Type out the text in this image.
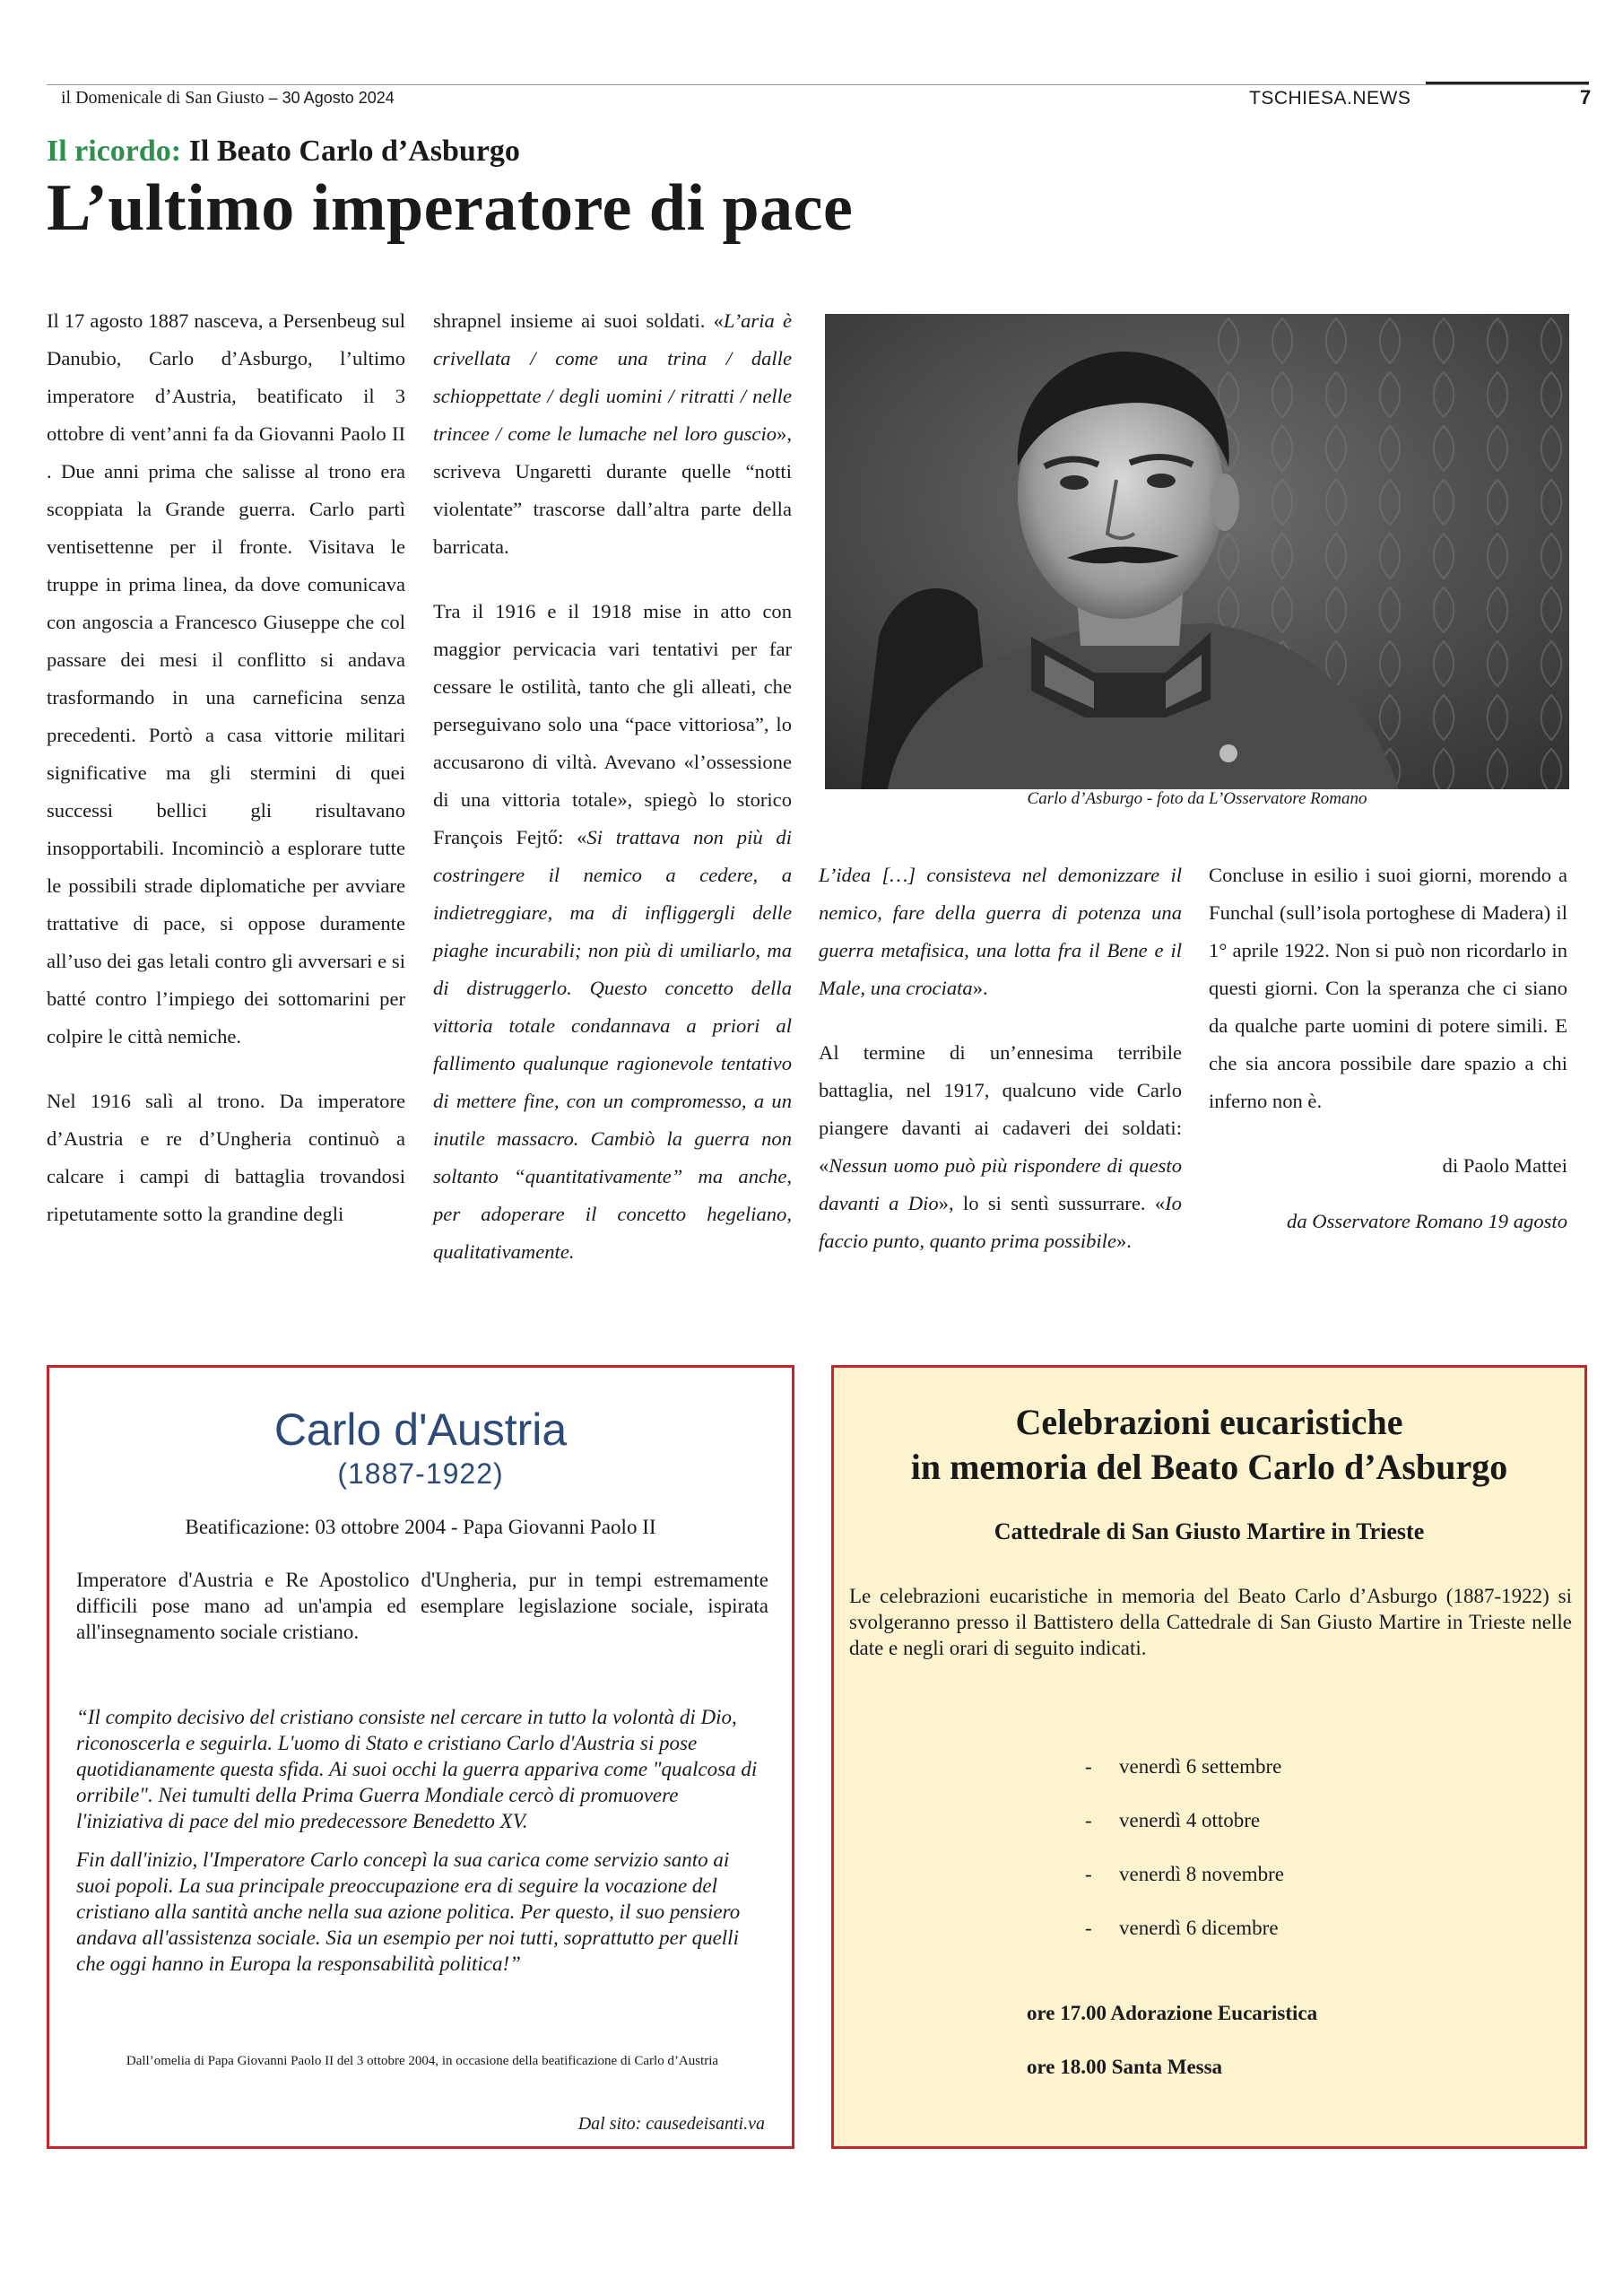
il Domenicale di San Giusto – 30 Agosto 2024	TSCHIESA.NEWS	7
Il ricordo: Il Beato Carlo d’Asburgo
L’ultimo imperatore di pace

Il 17 agosto 1887 nasceva, a Persenbeug sul Danubio, Carlo d’Asburgo, l’ultimo imperatore d’Austria, beatificato il 3 ottobre di vent’anni fa da Giovanni Paolo II . Due anni prima che salisse al trono era scoppiata la Grande guerra. Carlo partì ventisettenne per il fronte. Visitava le truppe in prima linea, da dove comunicava con angoscia a Francesco Giuseppe che col passare dei mesi il conflitto si andava trasformando in una carneficina senza precedenti. Portò a casa vittorie militari significative ma gli stermini di quei successi bellici gli risultavano insopportabili. Incominciò a esplorare tutte le possibili strade diplomatiche per avviare trattative di pace, si oppose duramente all’uso dei gas letali contro gli avversari e si batté contro l’impiego dei sottomarini per colpire le città nemiche.

Nel 1916 salì al trono. Da imperatore d’Austria e re d’Ungheria continuò a calcare i campi di battaglia trovandosi ripetutamente sotto la grandine degli

shrapnel insieme ai suoi soldati. «L’aria è crivellata / come una trina / dalle schioppettate / degli uomini / ritratti / nelle trincee / come le lumache nel loro guscio», scriveva Ungaretti durante quelle “notti violentate” trascorse dall’altra parte della barricata.

Tra il 1916 e il 1918 mise in atto con maggior pervicacia vari tentativi per far cessare le ostilità, tanto che gli alleati, che perseguivano solo una “pace vittoriosa”, lo accusarono di viltà. Avevano «l’ossessione di una vittoria totale», spiegò lo storico François Fejtő: «Si trattava non più di costringere il nemico a cedere, a indietreggiare, ma di infliggergli delle piaghe incurabili; non più di umiliarlo, ma di distruggerlo. Questo concetto della vittoria totale condannava a priori al fallimento qualunque ragionevole tentativo di mettere fine, con un compromesso, a un inutile massacro. Cambiò la guerra non soltanto “quantitativamente” ma anche, per adoperare il concetto hegeliano, qualitativamente.

Carlo d’Asburgo - foto da L’Osservatore Romano

L’idea […] consisteva nel demonizzare il nemico, fare della guerra di potenza una guerra metafisica, una lotta fra il Bene e il Male, una crociata».

Al termine di un’ennesima terribile battaglia, nel 1917, qualcuno vide Carlo piangere davanti ai cadaveri dei soldati: «Nessun uomo può più rispondere di questo davanti a Dio», lo si sentì sussurrare. «Io faccio punto, quanto prima possibile».

Concluse in esilio i suoi giorni, morendo a Funchal (sull’isola portoghese di Madera) il 1° aprile 1922. Non si può non ricordarlo in questi giorni. Con la speranza che ci siano da qualche parte uomini di potere simili. E che sia ancora possibile dare spazio a chi inferno non è.

di Paolo Mattei

da Osservatore Romano 19 agosto

Carlo d'Austria
(1887-1922)
Beatificazione: 03 ottobre 2004 - Papa Giovanni Paolo II
Imperatore d'Austria e Re Apostolico d'Ungheria, pur in tempi estremamente difficili pose mano ad un'ampia ed esemplare legislazione sociale, ispirata all'insegnamento sociale cristiano.

“Il compito decisivo del cristiano consiste nel cercare in tutto la volontà di Dio, riconoscerla e seguirla. L'uomo di Stato e cristiano Carlo d'Austria si pose quotidianamente questa sfida. Ai suoi occhi la guerra appariva come "qualcosa di orribile". Nei tumulti della Prima Guerra Mondiale cercò di promuovere l'iniziativa di pace del mio predecessore Benedetto XV.

Fin dall'inizio, l'Imperatore Carlo concepì la sua carica come servizio santo ai suoi popoli. La sua principale preoccupazione era di seguire la vocazione del cristiano alla santità anche nella sua azione politica. Per questo, il suo pensiero andava all'assistenza sociale. Sia un esempio per noi tutti, soprattutto per quelli che oggi hanno in Europa la responsabilità politica!”

Dall’omelia di Papa Giovanni Paolo II del 3 ottobre 2004, in occasione della beatificazione di Carlo d’Austria
Dal sito: causedeisanti.va
Celebrazioni eucaristiche
in memoria del Beato Carlo d’Asburgo
Cattedrale di San Giusto Martire in Trieste
Le celebrazioni eucaristiche in memoria del Beato Carlo d’Asburgo (1887-1922) si svolgeranno presso il Battistero della Cattedrale di San Giusto Martire in Trieste nelle date e negli orari di seguito indicati.
- venerdì 6 settembre
- venerdì 4 ottobre
- venerdì 8 novembre
- venerdì 6 dicembre
ore 17.00 Adorazione Eucaristica
ore 18.00 Santa Messa
